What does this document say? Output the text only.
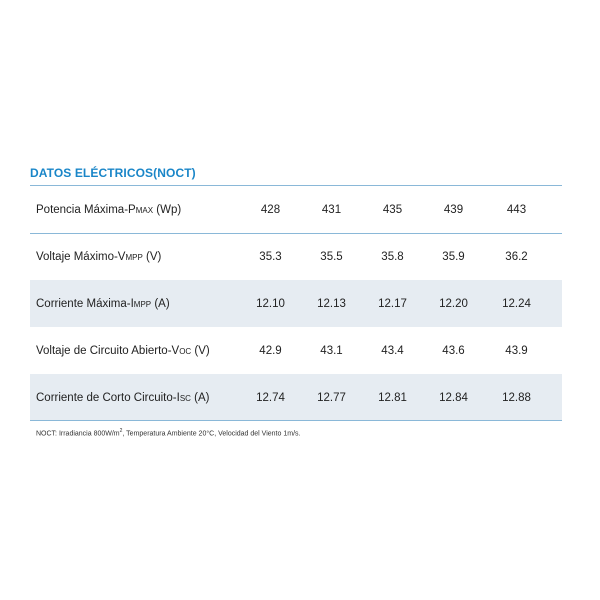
DATOS ELÉCTRICOS(NOCT)
Potencia Máxima-PMAX (Wp)	428	431	435	439	443
Voltaje Máximo-VMPP (V)	35.3	35.5	35.8	35.9	36.2
Corriente Máxima-IMPP (A)	12.10	12.13	12.17	12.20	12.24
Voltaje de Circuito Abierto-VOC (V)	42.9	43.1	43.4	43.6	43.9
Corriente de Corto Circuito-ISC (A)	12.74	12.77	12.81	12.84	12.88
NOCT: Irradiancia $800W/m^2$, Temperatura Ambiente 20°C, Velocidad del Viento 1m/s.
